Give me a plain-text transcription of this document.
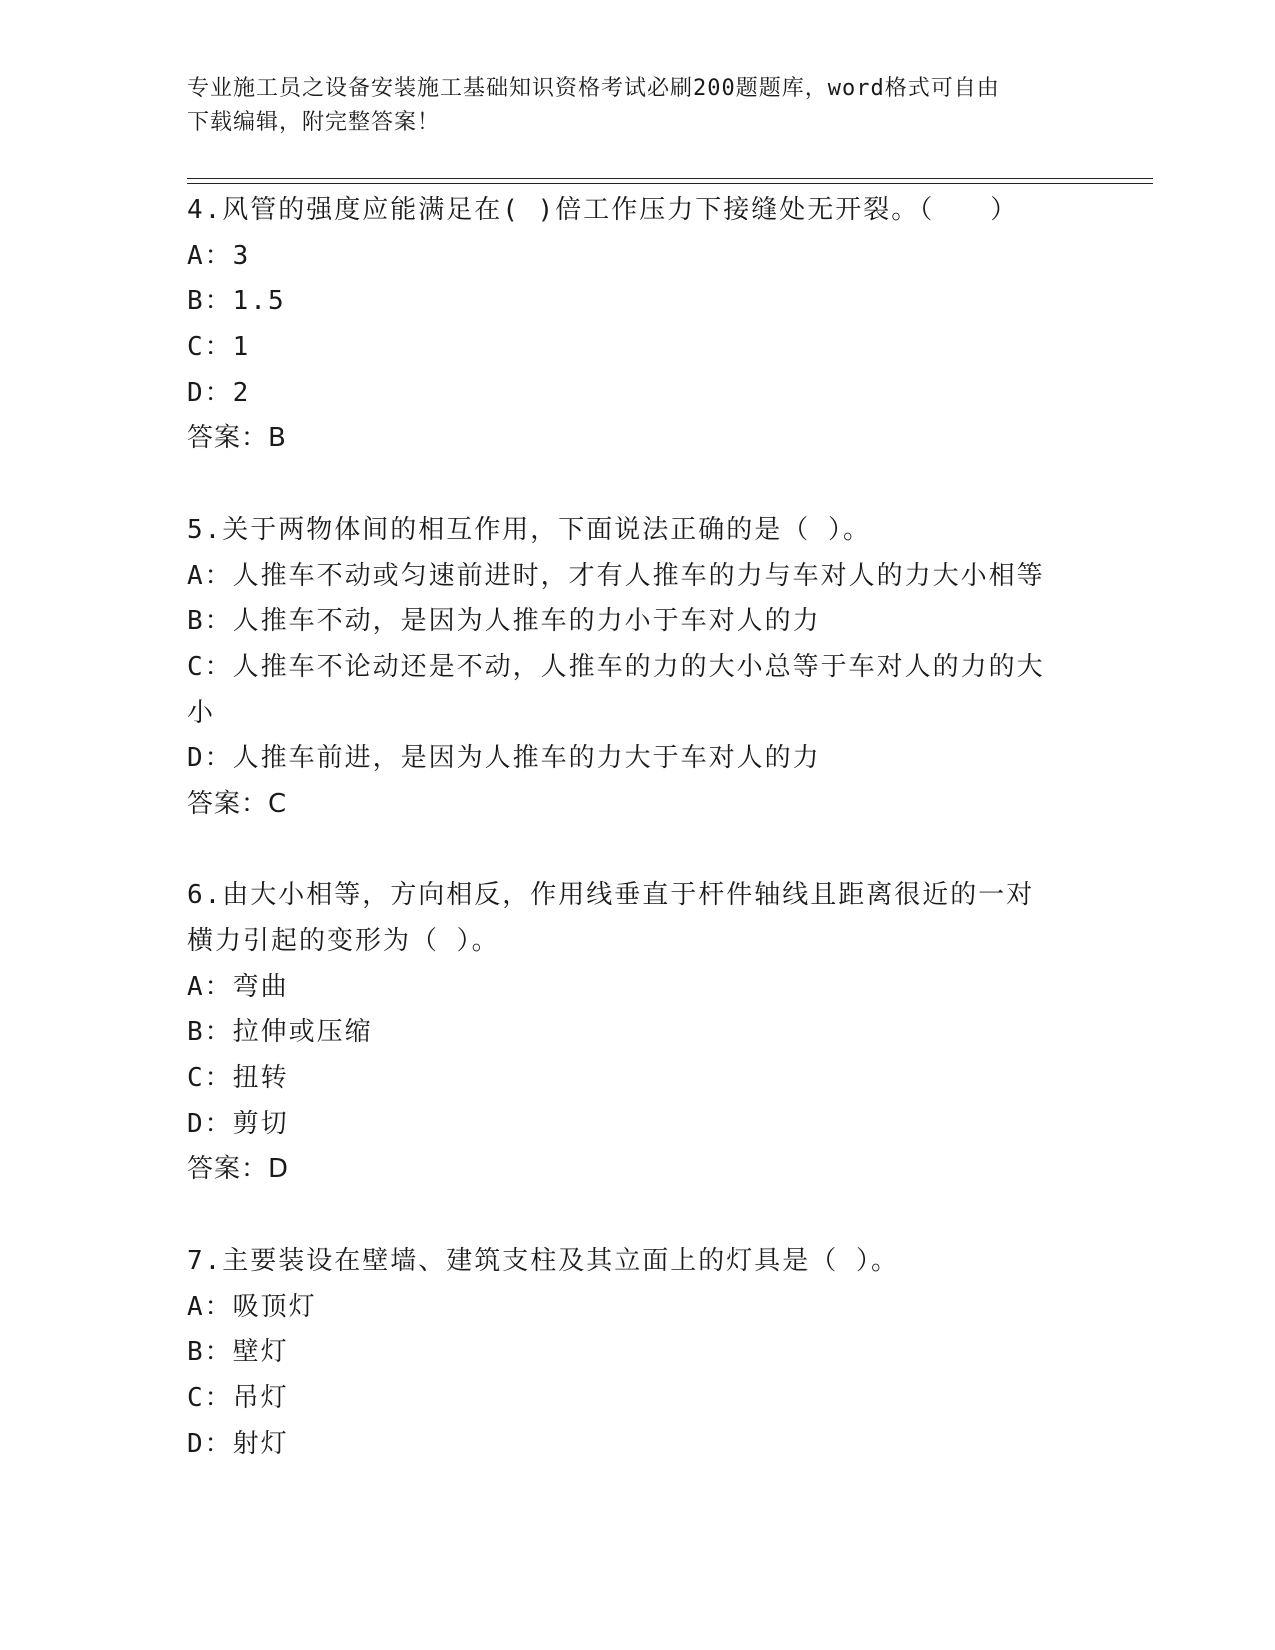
专业施工员之设备安装施工基础知识资格考试必刷200题题库，word格式可自由
下载编辑，附完整答案！
4.风管的强度应能满足在( )倍工作压力下接缝处无开裂。（　　）
A：3
B：1.5
C：1
D：2
答案：B
5.关于两物体间的相互作用，下面说法正确的是（ ）。
A：人推车不动或匀速前进时，才有人推车的力与车对人的力大小相等
B：人推车不动，是因为人推车的力小于车对人的力
C：人推车不论动还是不动，人推车的力的大小总等于车对人的力的大
小
D：人推车前进，是因为人推车的力大于车对人的力
答案：C
6.由大小相等，方向相反，作用线垂直于杆件轴线且距离很近的一对
横力引起的变形为（ ）。
A：弯曲
B：拉伸或压缩
C：扭转
D：剪切
答案：D
7.主要装设在壁墙、建筑支柱及其立面上的灯具是（ ）。
A：吸顶灯
B：壁灯
C：吊灯
D：射灯
